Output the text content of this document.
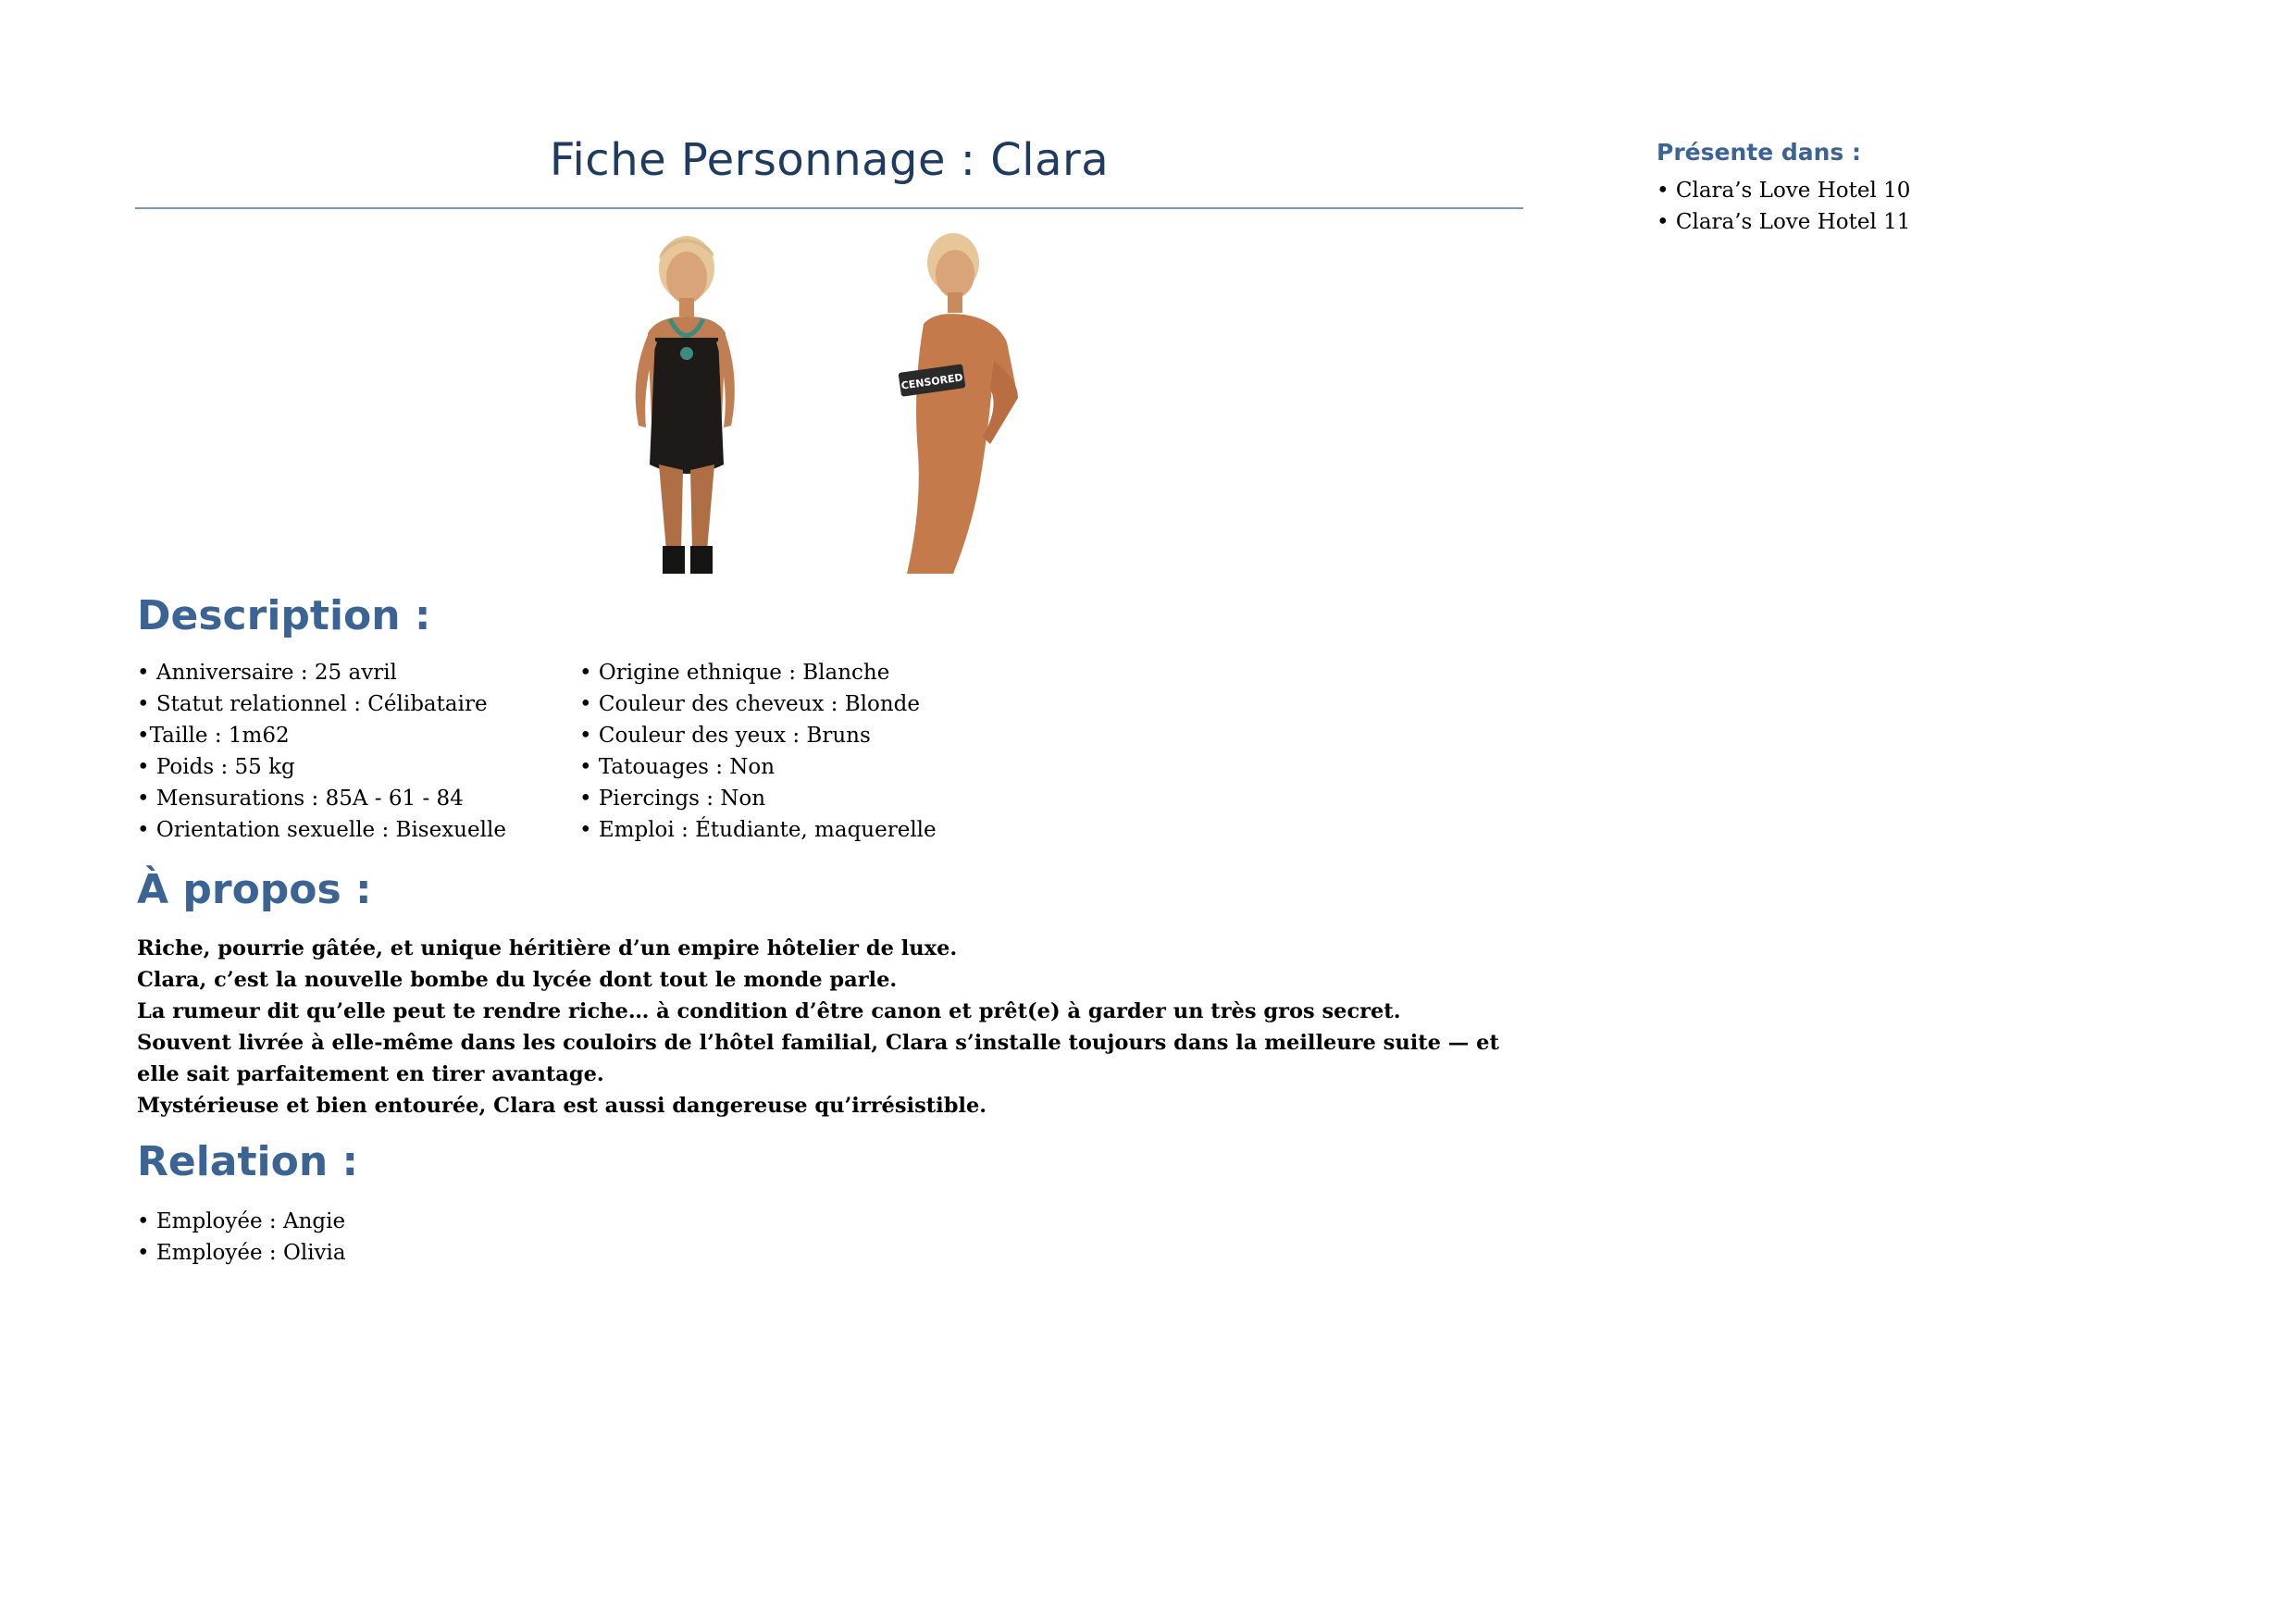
Fiche Personnage : Clara
CENSORED
Description :
• Anniversaire : 25 avril
• Statut relationnel : Célibataire
•Taille : 1m62
• Poids : 55 kg
• Mensurations : 85A - 61 - 84
• Orientation sexuelle : Bisexuelle
• Origine ethnique : Blanche
• Couleur des cheveux : Blonde
• Couleur des yeux : Bruns
• Tatouages : Non
• Piercings : Non
• Emploi : Étudiante, maquerelle
À propos :

Riche, pourrie gâtée, et unique héritière d’un empire hôtelier de luxe.

Clara, c’est la nouvelle bombe du lycée dont tout le monde parle.

La rumeur dit qu’elle peut te rendre riche… à condition d’être canon et prêt(e) à garder un très gros secret.

Souvent livrée à elle-même dans les couloirs de l’hôtel familial, Clara s’installe toujours dans la meilleure suite — et elle sait parfaitement en tirer avantage.

Mystérieuse et bien entourée, Clara est aussi dangereuse qu’irrésistible.

Relation :
• Employée : Angie
• Employée : Olivia
Présente dans :
• Clara’s Love Hotel 10
• Clara’s Love Hotel 11
